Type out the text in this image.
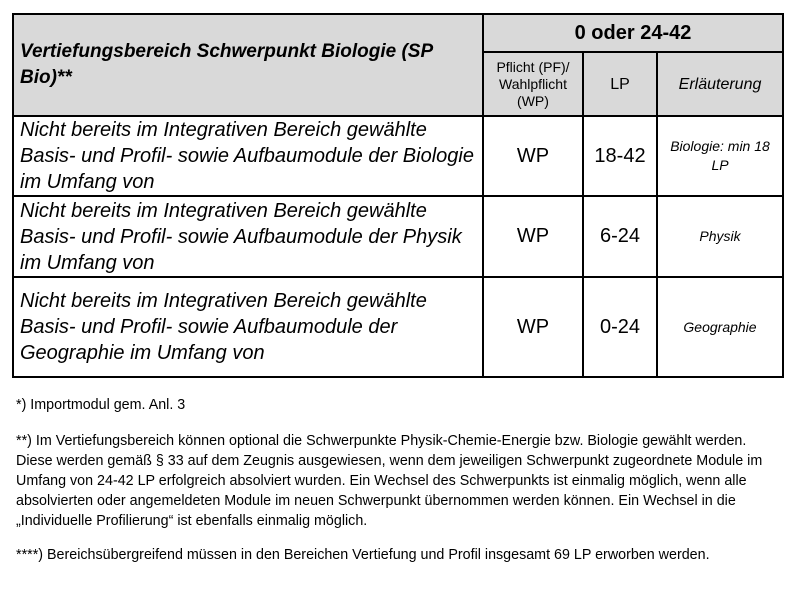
Vertiefungsbereich Schwerpunkt Biologie (SP Bio)**	0 oder 24-42		
	Pflicht (PF)/ Wahlpflicht (WP)	LP	Erläuterung
Nicht bereits im Integrativen Bereich gewählte Basis- und Profil- sowie Aufbaumodule der Biologie im Umfang von	WP	18-42	Biologie: min 18 LP
Nicht bereits im Integrativen Bereich gewählte Basis- und Profil- sowie Aufbaumodule der Physik im Umfang von	WP	6-24	Physik
Nicht bereits im Integrativen Bereich gewählte Basis- und Profil- sowie Aufbaumodule der Geographie im Umfang von	WP	0-24	Geographie

*) Importmodul gem. Anl. 3

**) Im Vertiefungsbereich können optional die Schwerpunkte Physik-Chemie-Energie bzw. Biologie gewählt werden. Diese werden gemäß § 33 auf dem Zeugnis ausgewiesen, wenn dem jeweiligen Schwerpunkt zugeordnete Module im Umfang von 24-42 LP erfolgreich absolviert wurden. Ein Wechsel des Schwerpunkts ist einmalig möglich, wenn alle absolvierten oder angemeldeten Module im neuen Schwerpunkt übernommen werden können. Ein Wechsel in die „Individuelle Profilierung“ ist ebenfalls einmalig möglich.

****) Bereichsübergreifend müssen in den Bereichen Vertiefung und Profil insgesamt 69 LP erworben werden.
